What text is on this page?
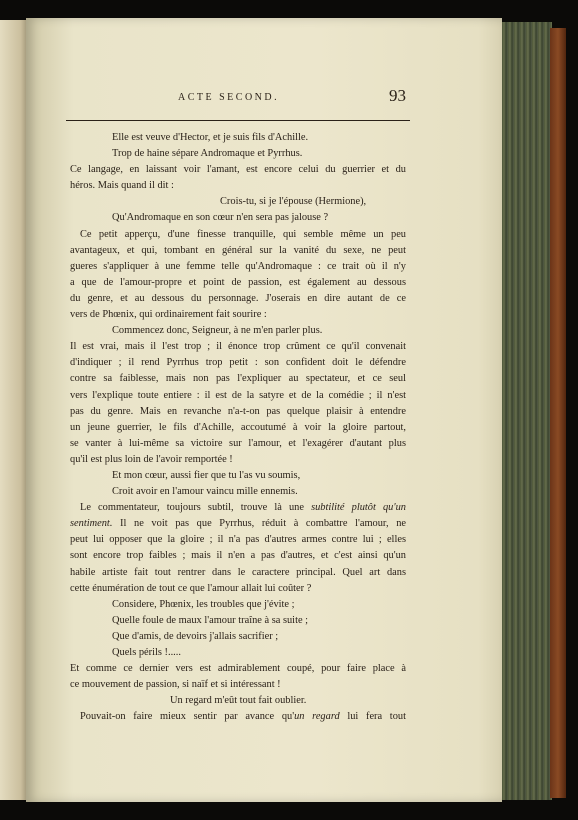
ACTE SECOND.	93
Elle est veuve d'Hector, et je suis fils d'Achille.
Trop de haine sépare Andromaque et Pyrrhus.
Ce langage, en laissant voir l'amant, est encore celui du guerrier et du
héros. Mais quand il dit :
Crois-tu, si je l'épouse (Hermione),
Qu'Andromaque en son cœur n'en sera pas jalouse ?
Ce petit apperçu, d'une finesse tranquille, qui semble même un peu
avantageux, et qui, tombant en général sur la vanité du sexe, ne peut
gueres s'appliquer à une femme telle qu'Andromaque : ce trait où il n'y
a que de l'amour-propre et point de passion, est également au dessous
du genre, et au dessous du personnage. J'oserais en dire autant de ce
vers de Phœnix, qui ordinairement fait sourire :
Commencez donc, Seigneur, à ne m'en parler plus.
Il est vrai, mais il l'est trop ; il énonce trop crûment ce qu'il convenait
d'indiquer ; il rend Pyrrhus trop petit : son confident doit le défendre
contre sa faiblesse, mais non pas l'expliquer au spectateur, et ce seul
vers l'explique toute entiere : il est de la satyre et de la comédie ; il n'est
pas du genre. Mais en revanche n'a-t-on pas quelque plaisir à entendre
un jeune guerrier, le fils d'Achille, accoutumé à voir la gloire partout,
se vanter à lui-même sa victoire sur l'amour, et l'exagérer d'autant plus
qu'il est plus loin de l'avoir remportée !
Et mon cœur, aussi fier que tu l'as vu soumis,
Croit avoir en l'amour vaincu mille ennemis.
Le commentateur, toujours subtil, trouve là une subtilité plutôt qu'un
sentiment. Il ne voit pas que Pyrrhus, réduit à combattre l'amour, ne
peut lui opposer que la gloire ; il n'a pas d'autres armes contre lui ; elles
sont encore trop faibles ; mais il n'en a pas d'autres, et c'est ainsi qu'un
habile artiste fait tout rentrer dans le caractere principal. Quel art dans
cette énumération de tout ce que l'amour allait lui coûter ?
Considere, Phœnix, les troubles que j'évite ;
Quelle foule de maux l'amour traîne à sa suite ;
Que d'amis, de devoirs j'allais sacrifier ;
Quels périls !.....
Et comme ce dernier vers est admirablement coupé, pour faire place à
ce mouvement de passion, si naïf et si intéressant !
Un regard m'eût tout fait oublier.
Pouvait-on faire mieux sentir par avance qu'un regard lui fera tout
